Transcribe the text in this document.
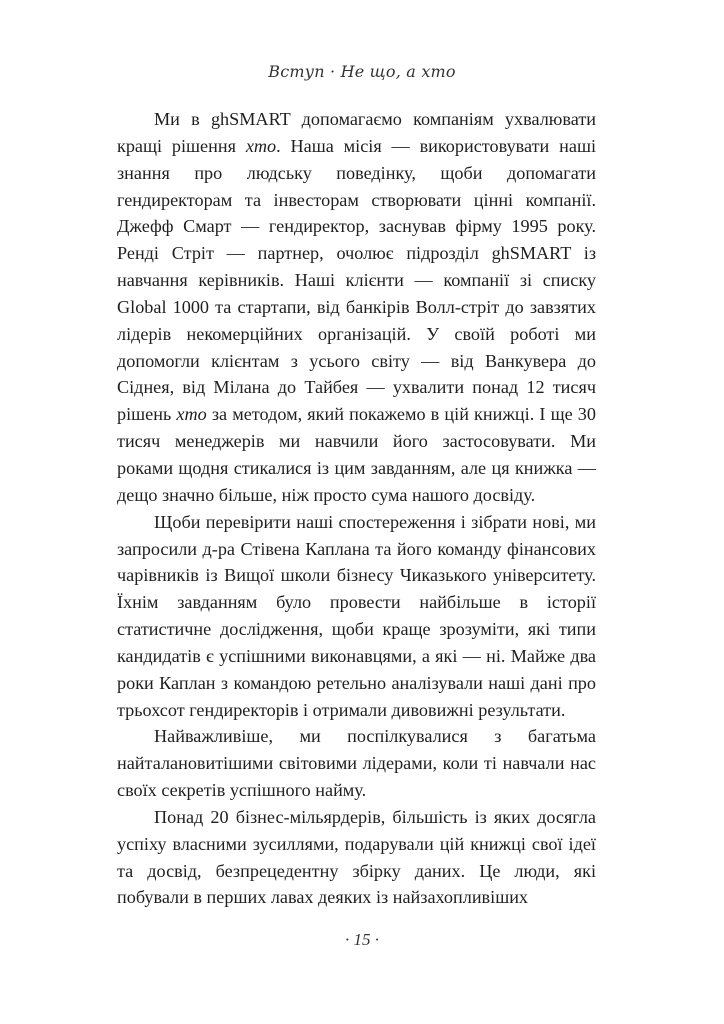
Вступ · Не що, а хто

Ми в ghSMART допомагаємо компаніям ухвалювати кращі рішення хто. Наша місія — використовувати наші знання про людську поведінку, щоби допомагати гендиректорам та інвесторам створювати цінні компанії. Джефф Смарт — гендиректор, заснував фірму 1995 року. Ренді Стріт — партнер, очолює підрозділ ghSMART із навчання керівників. Наші клієнти — компанії зі списку Global 1000 та стартапи, від банкірів Волл-стріт до завзятих лідерів некомерційних організацій. У своїй роботі ми допомогли клієнтам з усього світу — від Ванкувера до Сіднея, від Мілана до Тайбея — ухвалити понад 12 тисяч рішень хто за методом, який покажемо в цій книжці. І ще 30 тисяч менеджерів ми навчили його застосовувати. Ми роками щодня стикалися із цим завданням, але ця книжка — дещо значно більше, ніж просто сума нашого досвіду.

Щоби перевірити наші спостереження і зібрати нові, ми запросили д-ра Стівена Каплана та його команду фінансових чарівників із Вищої школи бізнесу Чиказького університету. Їхнім завданням було провести найбільше в історії статистичне дослідження, щоби краще зрозуміти, які типи кандидатів є успішними виконавцями, а які — ні. Майже два роки Каплан з командою ретельно аналізували наші дані про трьохсот гендиректорів і отримали дивовижні результати.

Найважливіше, ми поспілкувалися з багатьма найталановитішими світовими лідерами, коли ті навчали нас своїх секретів успішного найму.

Понад 20 бізнес-мільярдерів, більшість із яких досягла успіху власними зусиллями, подарували цій книжці свої ідеї та досвід, безпрецедентну збірку даних. Це люди, які побували в перших лавах деяких із найзахопливіших

· 15 ·
